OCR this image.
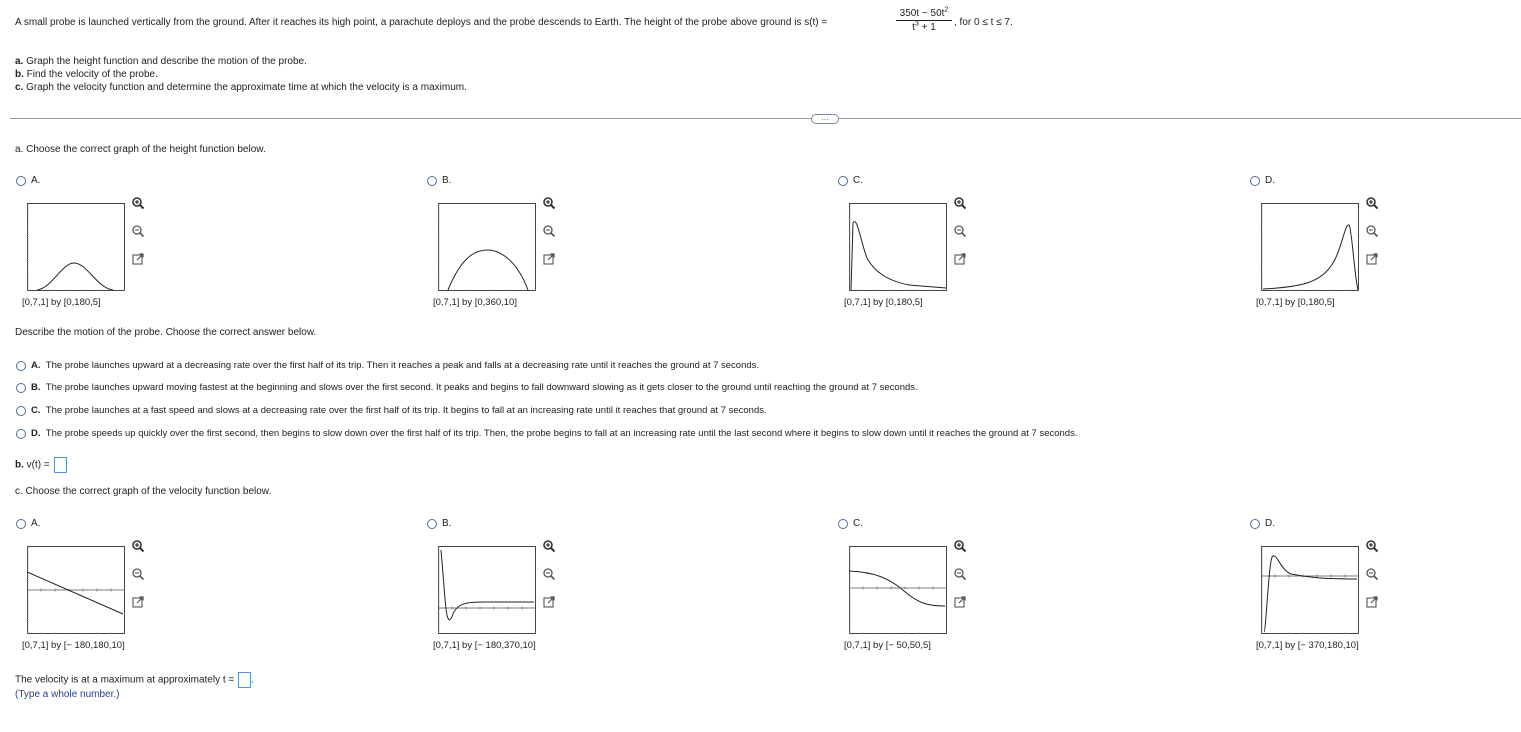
A small probe is launched vertically from the ground. After it reaches its high point, a parachute deploys and the probe descends to Earth. The height of the probe above ground is s(t) =	$\frac{350t - 50t^2}{t^3 + 1}$ , for 0 ≤ t ≤ 7.
a. Graph the height function and describe the motion of the probe.
b. Find the velocity of the probe.
c. Graph the velocity function and determine the approximate time at which the velocity is a maximum.
…
a. Choose the correct graph of the height function below.
A.
[0,7,1] by [0,180,5]
B.
[0,7,1] by [0,360,10]
C.
[0,7,1] by [0,180,5]
D.
[0,7,1] by [0,180,5]
A.
[0,7,1] by [− 180,180,10]
B.
[0,7,1] by [− 180,370,10]
C.
[0,7,1] by [− 50,50,5]
D.
[0,7,1] by [− 370,180,10]
Describe the motion of the probe. Choose the correct answer below.
A. The probe launches upward at a decreasing rate over the first half of its trip. Then it reaches a peak and falls at a decreasing rate until it reaches the ground at 7 seconds.
B. The probe launches upward moving fastest at the beginning and slows over the first second. It peaks and begins to fall downward slowing as it gets closer to the ground until reaching the ground at 7 seconds.
C. The probe launches at a fast speed and slows at a decreasing rate over the first half of its trip. It begins to fall at an increasing rate until it reaches that ground at 7 seconds.
D. The probe speeds up quickly over the first second, then begins to slow down over the first half of its trip. Then, the probe begins to fall at an increasing rate until the last second where it begins to slow down until it reaches the ground at 7 seconds.
b. v(t) =
c. Choose the correct graph of the velocity function below.
The velocity is at a maximum at approximately t = .
(Type a whole number.)
